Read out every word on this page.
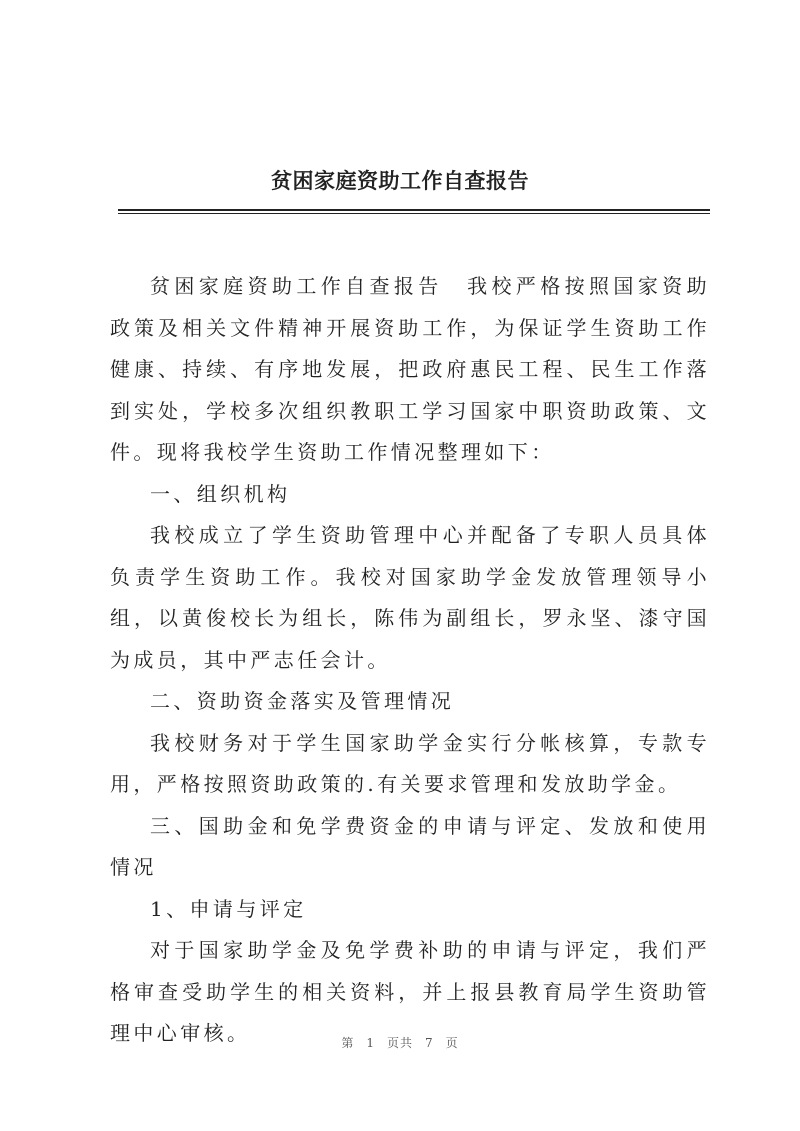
贫困家庭资助工作自查报告

贫困家庭资助工作自查报告　我校严格按照国家资助政策及相关文件精神开展资助工作，为保证学生资助工作健康、持续、有序地发展，把政府惠民工程、民生工作落到实处，学校多次组织教职工学习国家中职资助政策、文件。现将我校学生资助工作情况整理如下：

一、组织机构

我校成立了学生资助管理中心并配备了专职人员具体负责学生资助工作。我校对国家助学金发放管理领导小组，以黄俊校长为组长，陈伟为副组长，罗永坚、漆守国为成员，其中严志任会计。

二、资助资金落实及管理情况

我校财务对于学生国家助学金实行分帐核算，专款专用，严格按照资助政策的.有关要求管理和发放助学金。

三、国助金和免学费资金的申请与评定、发放和使用情况

1、申请与评定

对于国家助学金及免学费补助的申请与评定，我们严格审查受助学生的相关资料，并上报县教育局学生资助管理中心审核。	第 1 页共 7 页
